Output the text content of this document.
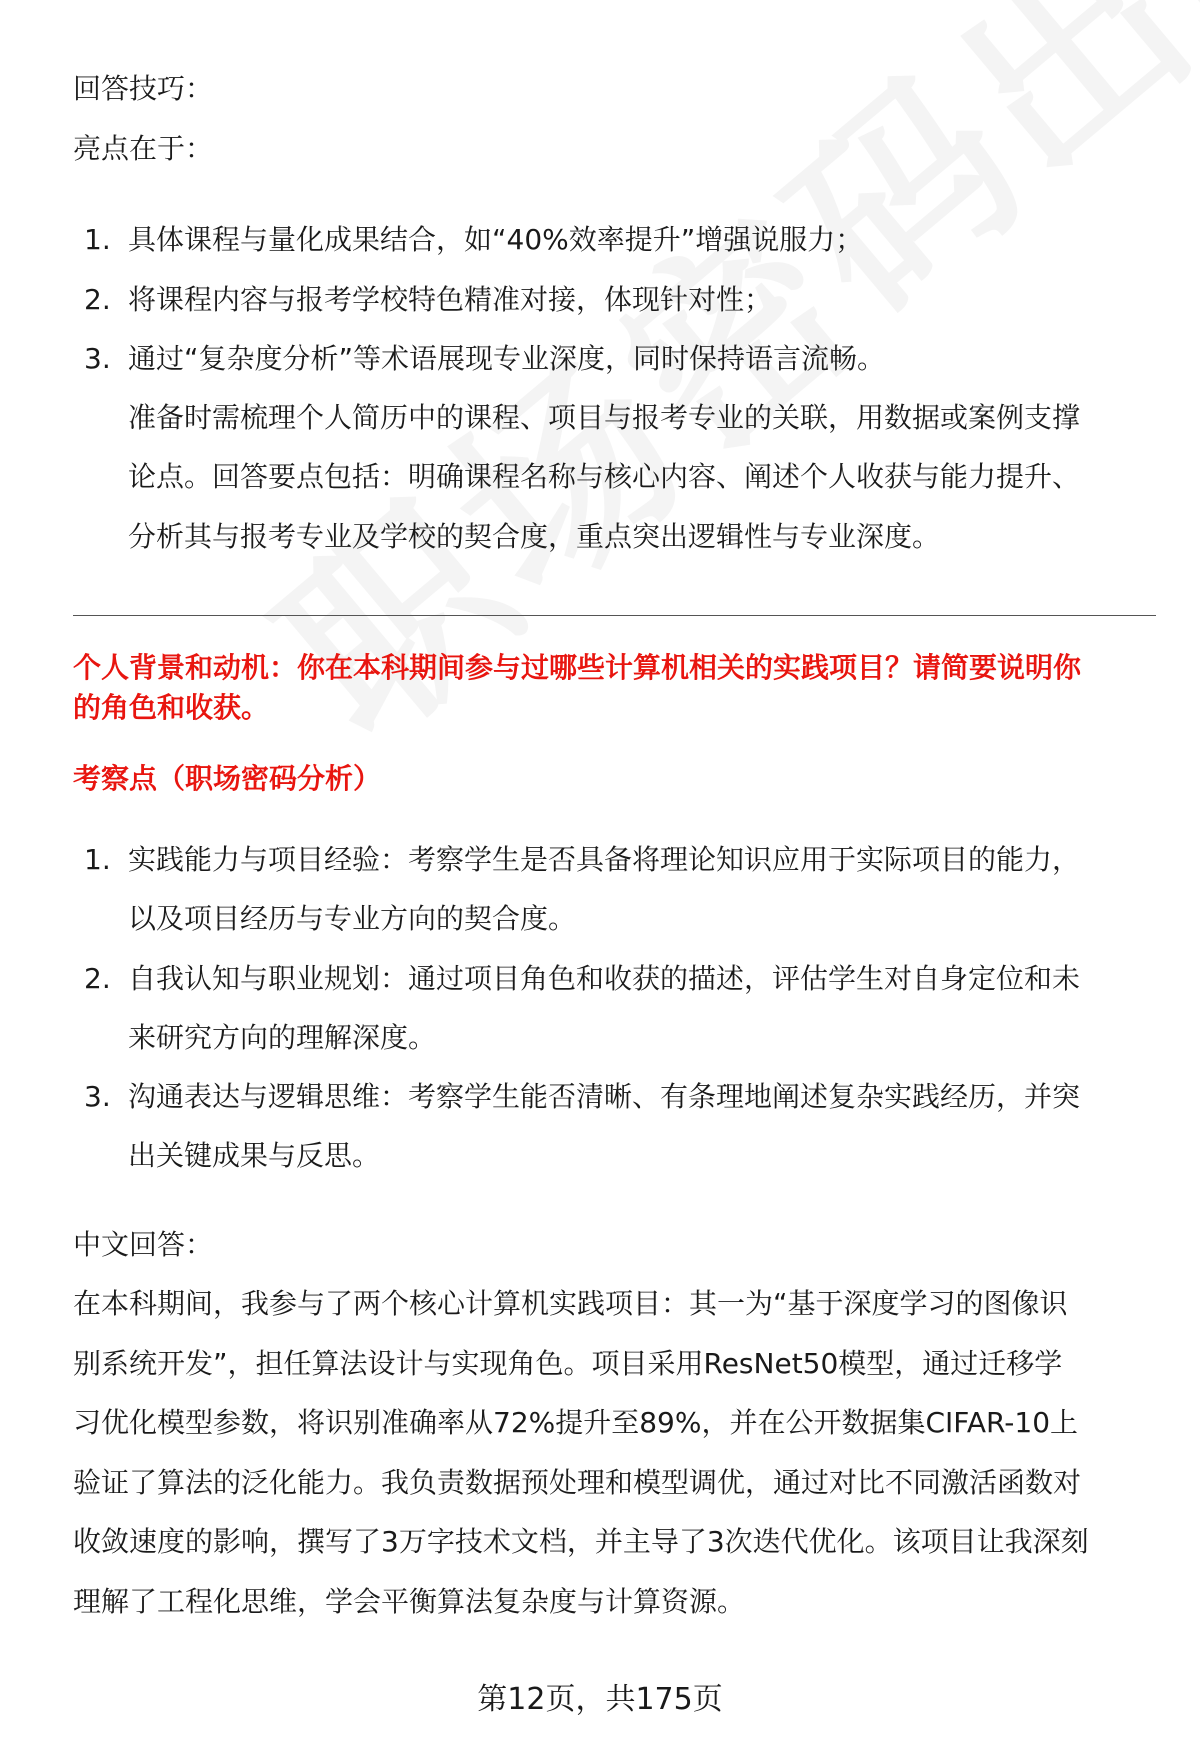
回答技巧：
亮点在于：
1. 具体课程与量化成果结合，如“40%效率提升”增强说服力；
2. 将课程内容与报考学校特色精准对接，体现针对性；
3. 通过“复杂度分析”等术语展现专业深度，同时保持语言流畅。
准备时需梳理个人简历中的课程、项目与报考专业的关联，用数据或案例支撑
论点。回答要点包括：明确课程名称与核心内容、阐述个人收获与能力提升、
分析其与报考专业及学校的契合度，重点突出逻辑性与专业深度。
个人背景和动机：你在本科期间参与过哪些计算机相关的实践项目？请简要说明你
的角色和收获。
考察点（职场密码分析）
1. 实践能力与项目经验：考察学生是否具备将理论知识应用于实际项目的能力，
以及项目经历与专业方向的契合度。
2. 自我认知与职业规划：通过项目角色和收获的描述，评估学生对自身定位和未
来研究方向的理解深度。
3. 沟通表达与逻辑思维：考察学生能否清晰、有条理地阐述复杂实践经历，并突
出关键成果与反思。
中文回答：
在本科期间，我参与了两个核心计算机实践项目：其一为“基于深度学习的图像识
别系统开发”，担任算法设计与实现角色。项目采用ResNet50模型，通过迁移学
习优化模型参数，将识别准确率从72%提升至89%，并在公开数据集CIFAR-10上
验证了算法的泛化能力。我负责数据预处理和模型调优，通过对比不同激活函数对
收敛速度的影响，撰写了3万字技术文档，并主导了3次迭代优化。该项目让我深刻
理解了工程化思维，学会平衡算法复杂度与计算资源。
第12页，共175页
